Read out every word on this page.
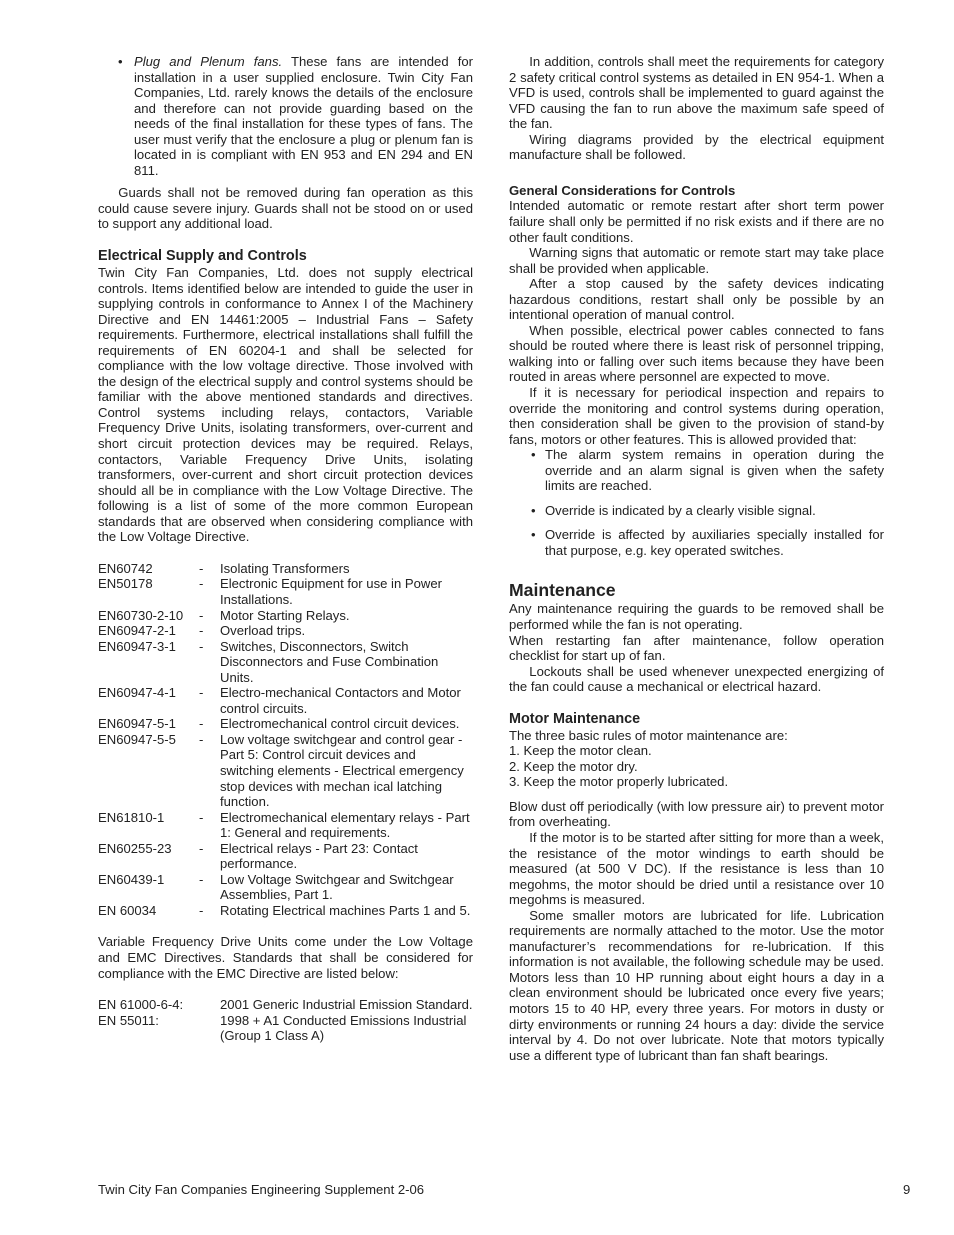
• Plug and Plenum fans. These fans are intended for installation in a user supplied enclosure. Twin City Fan Companies, Ltd. rarely knows the details of the enclosure and therefore can not provide guarding based on the needs of the final installation for these types of fans. The user must verify that the enclosure a plug or plenum fan is located in is compliant with EN 953 and EN 294 and EN 811.

Guards shall not be removed during fan operation as this could cause severe injury. Guards shall not be stood on or used to support any additional load.

Electrical Supply and Controls

Twin City Fan Companies, Ltd. does not supply electrical controls. Items identified below are intended to guide the user in supplying controls in conformance to Annex I of the Machinery Directive and EN 14461:2005 – Industrial Fans – Safety requirements. Furthermore, electrical installations shall fulfill the requirements of EN 60204-1 and shall be selected for compliance with the low voltage directive. Those involved with the design of the electrical supply and control systems should be familiar with the above mentioned standards and directives. Control systems including relays, contactors, Variable Frequency Drive Units, isolating transformers, over-current and short circuit protection devices may be required. Relays, contactors, Variable Frequency Drive Units, isolating transformers, over-current and short circuit protection devices should all be in compliance with the Low Voltage Directive. The following is a list of some of the more common European standards that are observed when considering compliance with the Low Voltage Directive.

EN60742	-	Isolating Transformers
EN50178	-	Electronic Equipment for use in Power Installations.
EN60730-2-10	-	Motor Starting Relays.
EN60947-2-1	-	Overload trips.
EN60947-3-1	-	Switches, Disconnectors, Switch Disconnectors and Fuse Combination Units.
EN60947-4-1	-	Electro-mechanical Contactors and Motor control circuits.
EN60947-5-1	-	Electromechanical control circuit devices.
EN60947-5-5	-	Low voltage switchgear and control gear - Part 5: Control circuit devices and switching elements - Electrical emergency stop devices with mechan ical latching function.
EN61810-1	-	Electromechanical elementary relays - Part 1: General and requirements.
EN60255-23	-	Electrical relays - Part 23: Contact performance.
EN60439-1	-	Low Voltage Switchgear and Switchgear Assemblies, Part 1.
EN 60034	-	Rotating Electrical machines Parts 1 and 5.

Variable Frequency Drive Units come under the Low Voltage and EMC Directives. Standards that shall be considered for compliance with the EMC Directive are listed below:

EN 61000-6-4:	2001 Generic Industrial Emission Standard.
EN 55011:	1998 + A1 Conducted Emissions Industrial (Group 1 Class A)

In addition, controls shall meet the requirements for category 2 safety critical control systems as detailed in EN 954-1. When a VFD is used, controls shall be implemented to guard against the VFD causing the fan to run above the maximum safe speed of the fan.

Wiring diagrams provided by the electrical equipment manufacture shall be followed.

General Considerations for Controls

Intended automatic or remote restart after short term power failure shall only be permitted if no risk exists and if there are no other fault conditions.

Warning signs that automatic or remote start may take place shall be provided when applicable.

After a stop caused by the safety devices indicating hazardous conditions, restart shall only be possible by an intentional operation of manual control.

When possible, electrical power cables connected to fans should be routed where there is least risk of personnel tripping, walking into or falling over such items because they have been routed in areas where personnel are expected to move.

If it is necessary for periodical inspection and repairs to override the monitoring and control systems during operation, then consideration shall be given to the provision of stand-by fans, motors or other features. This is allowed provided that:

• The alarm system remains in operation during the override and an alarm signal is given when the safety limits are reached.
• Override is indicated by a clearly visible signal.
• Override is affected by auxiliaries specially installed for that purpose, e.g. key operated switches.
Maintenance

Any maintenance requiring the guards to be removed shall be performed while the fan is not operating.

When restarting fan after maintenance, follow operation checklist for start up of fan.

Lockouts shall be used whenever unexpected energizing of the fan could cause a mechanical or electrical hazard.

Motor Maintenance

The three basic rules of motor maintenance are:

1. Keep the motor clean.
2. Keep the motor dry.
3. Keep the motor properly lubricated.

Blow dust off periodically (with low pressure air) to prevent motor from overheating.

If the motor is to be started after sitting for more than a week, the resistance of the motor windings to earth should be measured (at 500 V DC). If the resistance is less than 10 megohms, the motor should be dried until a resistance over 10 megohms is measured.

Some smaller motors are lubricated for life. Lubrication requirements are normally attached to the motor. Use the motor manufacturer’s recommendations for re-lubrication. If this information is not available, the following schedule may be used. Motors less than 10 HP running about eight hours a day in a clean environment should be lubricated once every five years; motors 15 to 40 HP, every three years. For motors in dusty or dirty environments or running 24 hours a day: divide the service interval by 4. Do not over lubricate. Note that motors typically use a different type of lubricant than fan shaft bearings.

Twin City Fan Companies Engineering Supplement 2-06	9
